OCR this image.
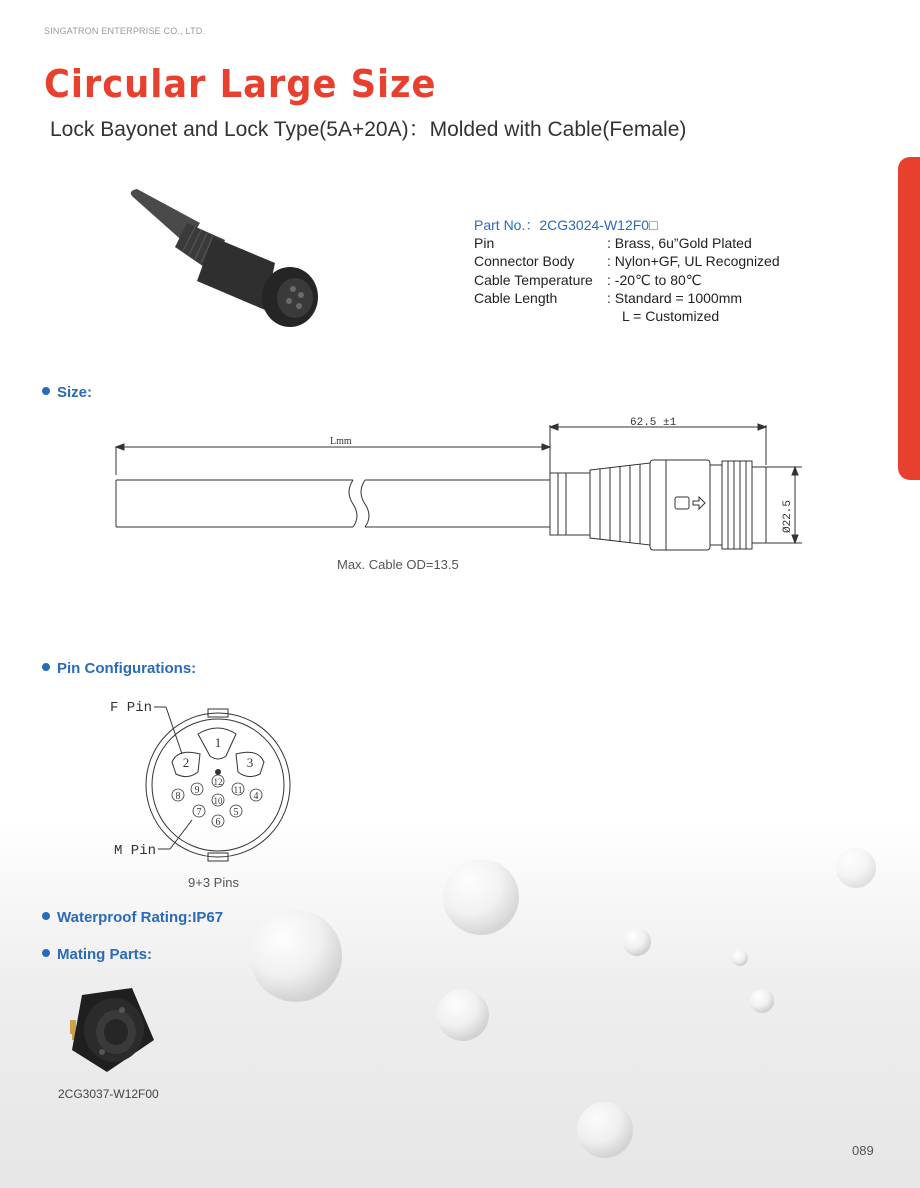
SINGATRON ENTERPRISE CO., LTD.
Circular Large Size
Lock Bayonet and Lock Type(5A+20A)：Molded with Cable(Female)
Part No.：2CG3024-W12F0□
Pin	: Brass, 6u”Gold Plated
Connector Body : Nylon+GF, UL Recognized
Cable Temperature : -20℃ to 80℃
Cable Length	: Standard = 1000mm
L = Customized
Size:
Lmm
62.5 ±1
Ø22.5
Max. Cable OD=13.5
Pin Configurations:
1
2	3
4
5
6
7
8
9
10
11
12
F Pin
M Pin
9+3 Pins
Waterproof Rating:IP67
Mating Parts:
2CG3037-W12F00
089
